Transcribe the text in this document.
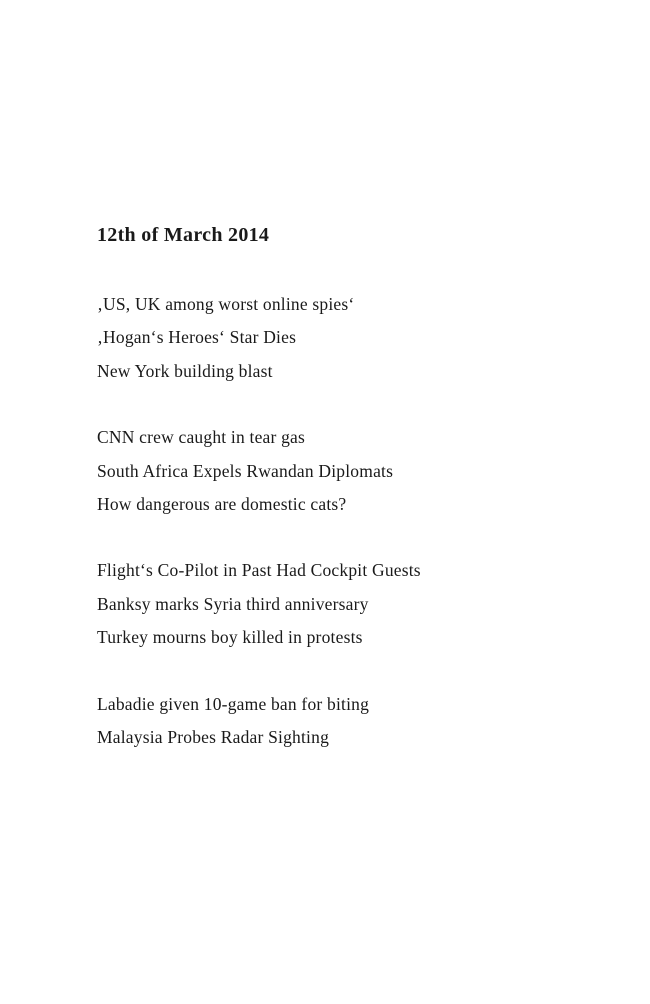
12th of March 2014
‚US, UK among worst online spies‘
‚Hogan‘s Heroes‘ Star Dies
New York building blast
CNN crew caught in tear gas
South Africa Expels Rwandan Diplomats
How dangerous are domestic cats?
Flight‘s Co-Pilot in Past Had Cockpit Guests
Banksy marks Syria third anniversary
Turkey mourns boy killed in protests
Labadie given 10-game ban for biting
Malaysia Probes Radar Sighting
